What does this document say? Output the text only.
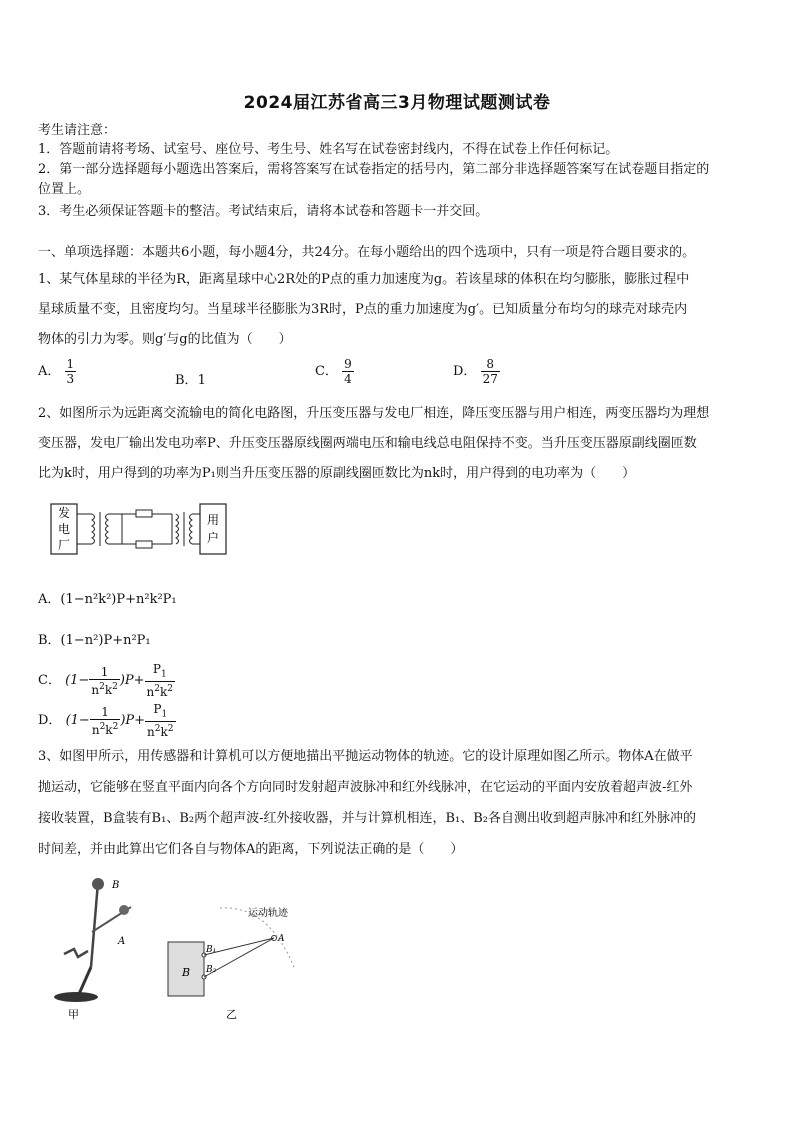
2024届江苏省高三3月物理试题测试卷
考生请注意：
1．答题前请将考场、试室号、座位号、考生号、姓名写在试卷密封线内，不得在试卷上作任何标记。
2．第一部分选择题每小题选出答案后，需将答案写在试卷指定的括号内，第二部分非选择题答案写在试卷题目指定的
位置上。
3．考生必须保证答题卡的整洁。考试结束后，请将本试卷和答题卡一并交回。
一、单项选择题：本题共6小题，每小题4分，共24分。在每小题给出的四个选项中，只有一项是符合题目要求的。
1、某气体星球的半径为R，距离星球中心2R处的P点的重力加速度为g。若该星球的体积在均匀膨胀，膨胀过程中
星球质量不变，且密度均匀。当星球半径膨胀为3R时，P点的重力加速度为g′。已知质量分布均匀的球壳对球壳内
物体的引力为零。则g′与g的比值为（　　）
A． $\frac{1}{3}$	B．1
C． $\frac{9}{4}$	D． $\frac{8}{27}$
2、如图所示为远距离交流输电的简化电路图，升压变压器与发电厂相连，降压变压器与用户相连，两变压器均为理想
变压器，发电厂输出发电功率P、升压变压器原线圈两端电压和输电线总电阻保持不变。当升压变压器原副线圈匝数
比为k时，用户得到的功率为P₁则当升压变压器的原副线圈匝数比为nk时，用户得到的电功率为（　　）
发
电
厂
用
户
A．(1−n²k²)P+n²k²P₁
B．(1−n²)P+n²P₁
C． $(1- \frac{1}{n^2k^2} )P+ \frac{P_1}{n^2k^2}$
D． $(1- \frac{1}{n^2k^2} )P+ \frac{P_1}{n^2k^2}$
3、如图甲所示，用传感器和计算机可以方便地描出平抛运动物体的轨迹。它的设计原理如图乙所示。物体A在做平
抛运动，它能够在竖直平面内向各个方向同时发射超声波脉冲和红外线脉冲，在它运动的平面内安放着超声波-红外
接收装置，B盒装有B₁、B₂两个超声波-红外接收器，并与计算机相连，B₁、B₂各自测出收到超声脉冲和红外脉冲的
时间差，并由此算出它们各自与物体A的距离，下列说法正确的是（　　）
B
A
甲
运动轨迹
B
B₁
B₂
A
乙
